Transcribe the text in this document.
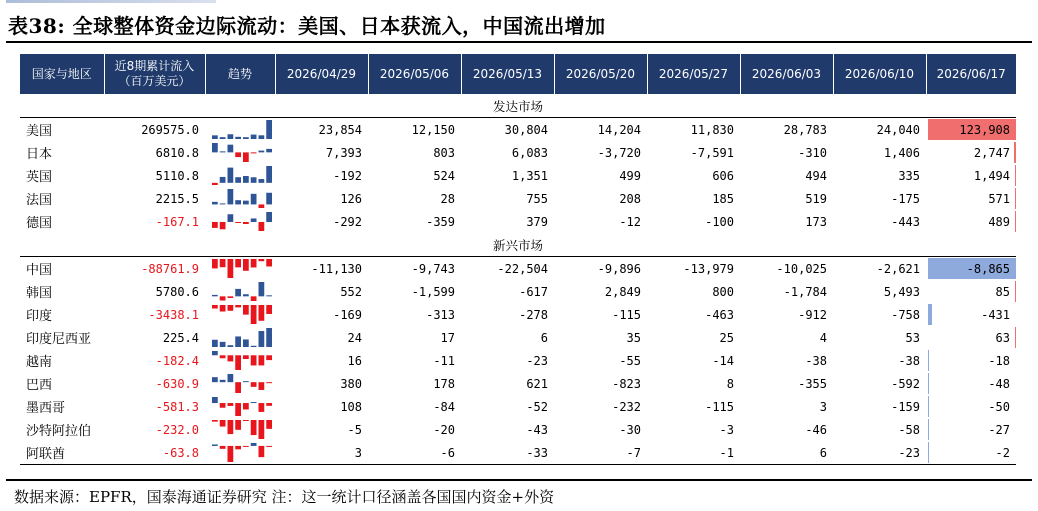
表38: 全球整体资金边际流动：美国、日本获流入，中国流出增加
国家与地区	近8期累计流入
（百万美元）	趋势	2026/04/29	2026/05/06	2026/05/13	2026/05/20	2026/05/27	2026/06/03	2026/06/10	2026/06/17
发达市场										
美国	269575.0		23,854	12,150	30,804	14,204	11,830	28,783	24,040	123,908
日本	6810.8		7,393	803	6,083	-3,720	-7,591	-310	1,406	2,747
英国	5110.8		-192	524	1,351	499	606	494	335	1,494
法国	2215.5		126	28	755	208	185	519	-175	571
德国	-167.1		-292	-359	379	-12	-100	173	-443	489
新兴市场										
中国	-88761.9		-11,130	-9,743	-22,504	-9,896	-13,979	-10,025	-2,621	-8,865
韩国	5780.6		552	-1,599	-617	2,849	800	-1,784	5,493	85
印度	-3438.1		-169	-313	-278	-115	-463	-912	-758	-431
印度尼西亚	225.4		24	17	6	35	25	4	53	63
越南	-182.4		16	-11	-23	-55	-14	-38	-38	-18
巴西	-630.9		380	178	621	-823	8	-355	-592	-48
墨西哥	-581.3		108	-84	-52	-232	-115	3	-159	-50
沙特阿拉伯	-232.0		-5	-20	-43	-30	-3	-46	-58	-27
阿联酋	-63.8		3	-6	-33	-7	-1	6	-23	-2
数据来源：EPFR，国泰海通证券研究 注：这一统计口径涵盖各国国内资金+外资
